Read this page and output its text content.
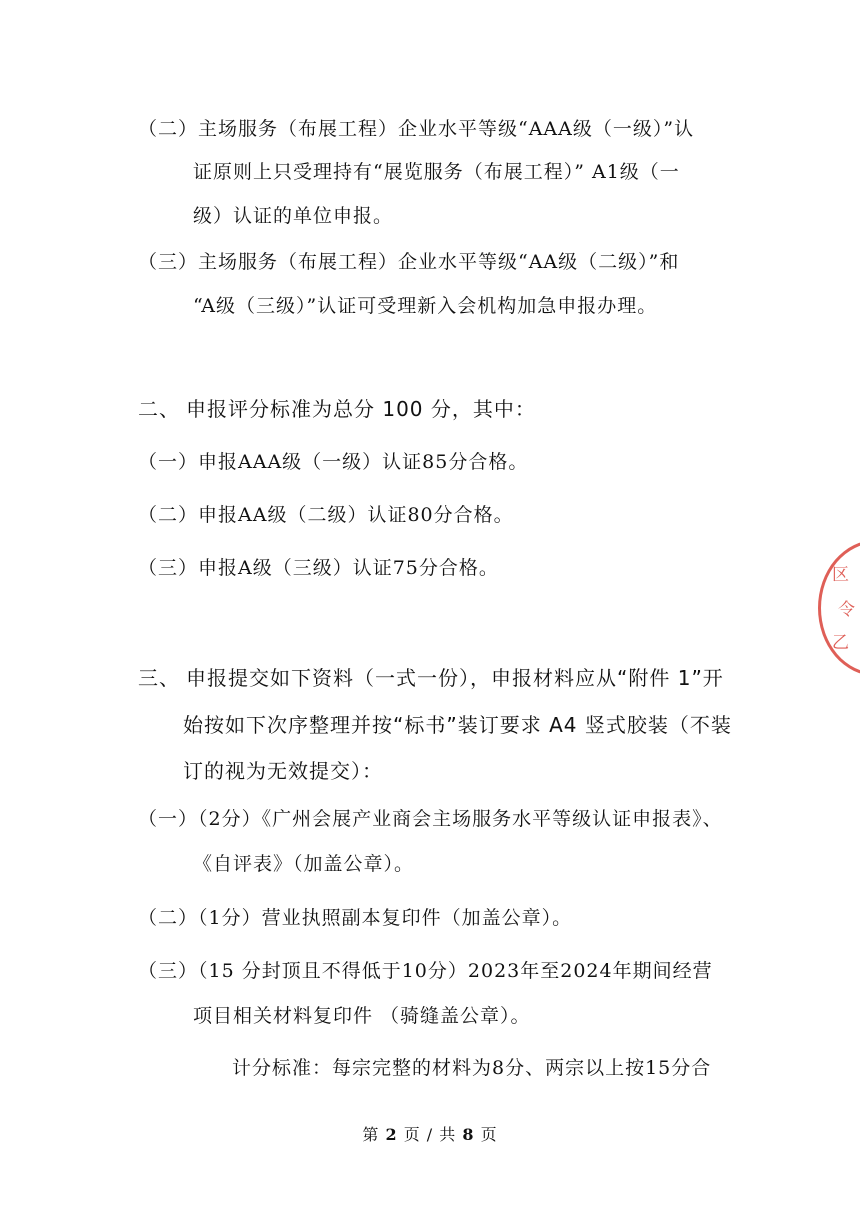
（二）主场服务（布展工程）企业水平等级“AAA级（一级）”认
证原则上只受理持有“展览服务（布展工程）” A1级（一
级）认证的单位申报。
（三）主场服务（布展工程）企业水平等级“AA级（二级）”和
“A级（三级）”认证可受理新入会机构加急申报办理。
二、 申报评分标准为总分 100 分，其中：
（一）申报AAA级（一级）认证85分合格。
（二）申报AA级（二级）认证80分合格。
（三）申报A级（三级）认证75分合格。
三、 申报提交如下资料（一式一份），申报材料应从“附件 1”开
始按如下次序整理并按“标书”装订要求 A4 竖式胶装（不装
订的视为无效提交）：
（一）（2分）《广州会展产业商会主场服务水平等级认证申报表》、
《自评表》（加盖公章）。
（二）（1分）营业执照副本复印件（加盖公章）。
（三）（15 分封顶且不得低于10分）2023年至2024年期间经营
项目相关材料复印件 （骑缝盖公章）。
计分标准：每宗完整的材料为8分、两宗以上按15分合
第 2 页 / 共 8 页
区
令
乙
